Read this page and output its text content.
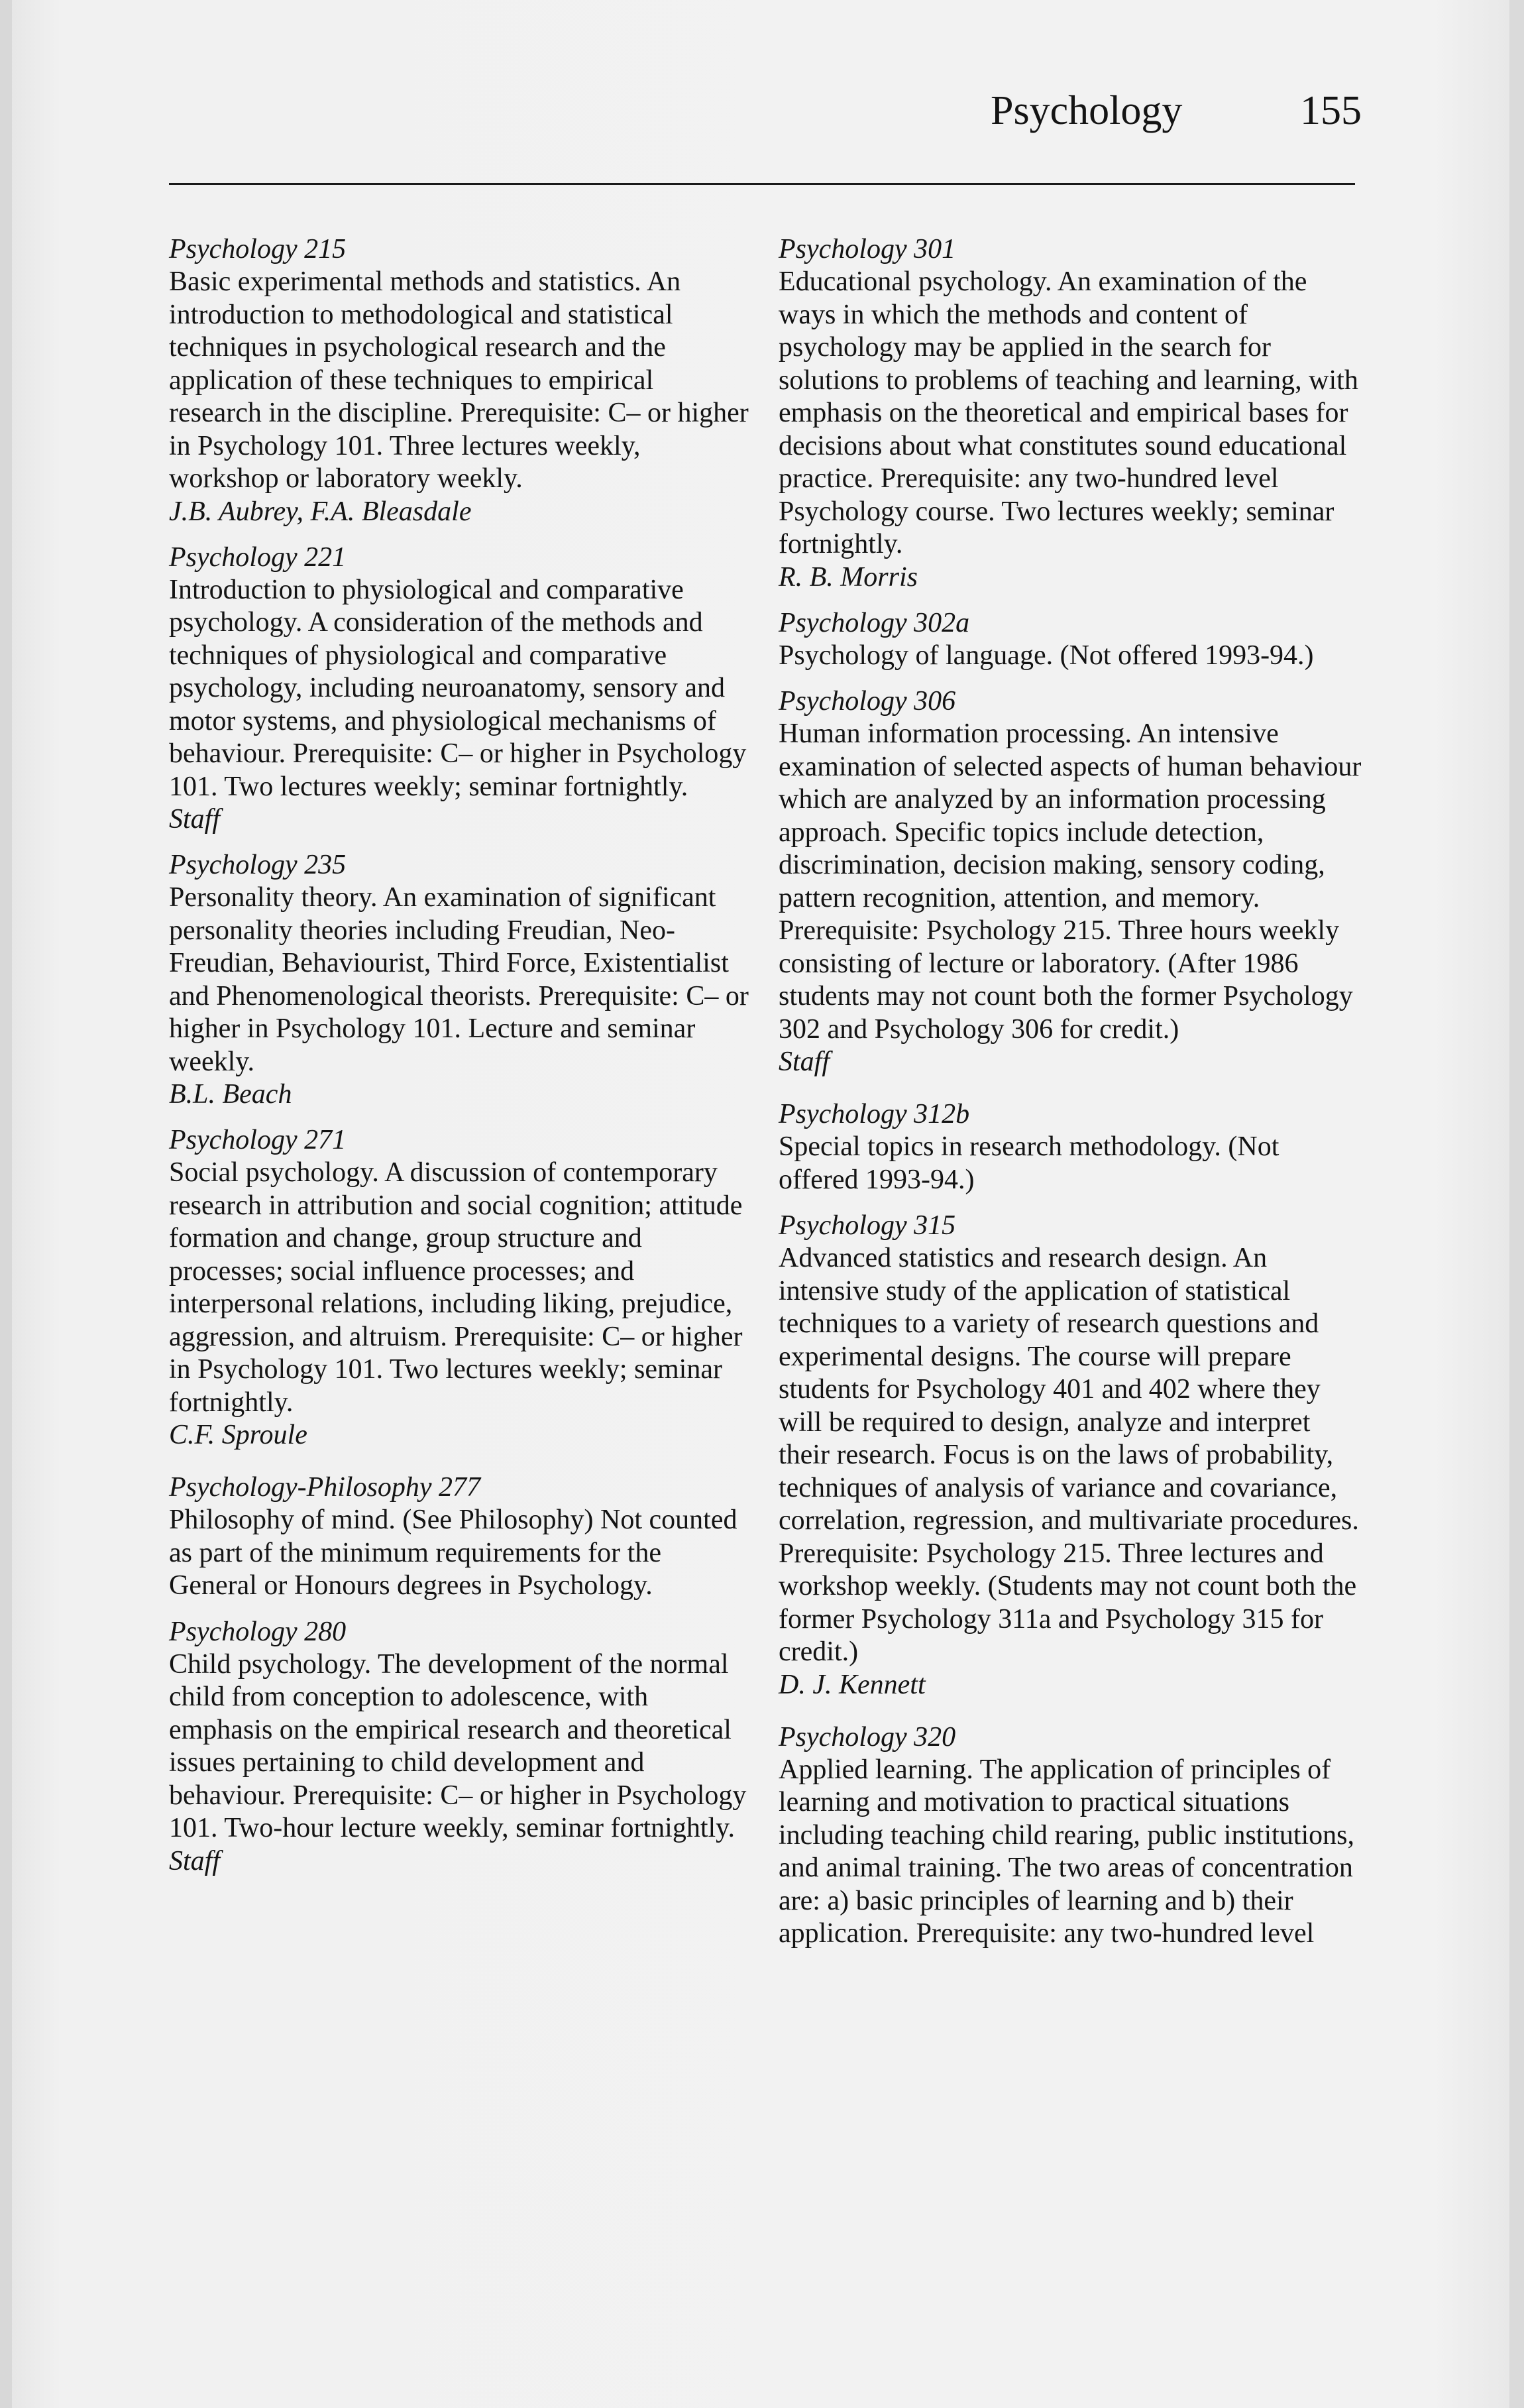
Psychology	155

Psychology 215

Basic experimental methods and statistics. An introduction to methodological and statistical techniques in psychological research and the application of these techniques to empirical research in the discipline. Prerequisite: C– or higher in Psychology 101. Three lectures weekly, workshop or laboratory weekly.

J.B. Aubrey, F.A. Bleasdale

Psychology 221

Introduction to physiological and comparative psychology. A consideration of the methods and techniques of physiological and comparative psychology, including neuroanatomy, sensory and motor systems, and physiological mechanisms of behaviour. Prerequisite: C– or higher in Psychology 101. Two lectures weekly; seminar fortnightly.

Staff

Psychology 235

Personality theory. An examination of significant personality theories including Freudian, Neo-Freudian, Behaviourist, Third Force, Existentialist and Phenomenological theorists. Prerequisite: C– or higher in Psychology 101. Lecture and seminar weekly.

B.L. Beach

Psychology 271

Social psychology. A discussion of contemporary research in attribution and social cognition; attitude formation and change, group structure and processes; social influence processes; and interpersonal relations, including liking, prejudice, aggression, and altruism. Prerequisite: C– or higher in Psychology 101. Two lectures weekly; seminar fortnightly.

C.F. Sproule

Psychology-Philosophy 277

Philosophy of mind. (See Philosophy) Not counted as part of the minimum requirements for the General or Honours degrees in Psychology.

Psychology 280

Child psychology. The development of the normal child from conception to adolescence, with emphasis on the empirical research and theoretical issues pertaining to child development and behaviour. Prerequisite: C– or higher in Psychology 101. Two-hour lecture weekly, seminar fortnightly.

Staff

Psychology 301

Educational psychology. An examination of the ways in which the methods and content of psychology may be applied in the search for solutions to problems of teaching and learning, with emphasis on the theoretical and empirical bases for decisions about what constitutes sound educational practice. Prerequisite: any two-hundred level Psychology course. Two lectures weekly; seminar fortnightly.

R. B. Morris

Psychology 302a

Psychology of language. (Not offered 1993-94.)

Psychology 306

Human information processing. An intensive examination of selected aspects of human behaviour which are analyzed by an information processing approach. Specific topics include detection, discrimination, decision making, sensory coding, pattern recognition, attention, and memory. Prerequisite: Psychology 215. Three hours weekly consisting of lecture or laboratory. (After 1986 students may not count both the former Psychology 302 and Psychology 306 for credit.)

Staff

Psychology 312b

Special topics in research methodology. (Not offered 1993-94.)

Psychology 315

Advanced statistics and research design. An intensive study of the application of statistical techniques to a variety of research questions and experimental designs. The course will prepare students for Psychology 401 and 402 where they will be required to design, analyze and interpret their research. Focus is on the laws of probability, techniques of analysis of variance and covariance, correlation, regression, and multivariate procedures. Prerequisite: Psychology 215. Three lectures and workshop weekly. (Students may not count both the former Psychology 311a and Psychology 315 for credit.)

D. J. Kennett

Psychology 320

Applied learning. The application of principles of learning and motivation to practical situations including teaching child rearing, public institutions, and animal training. The two areas of concentration are: a) basic principles of learning and b) their application. Prerequisite: any two-hundred level
